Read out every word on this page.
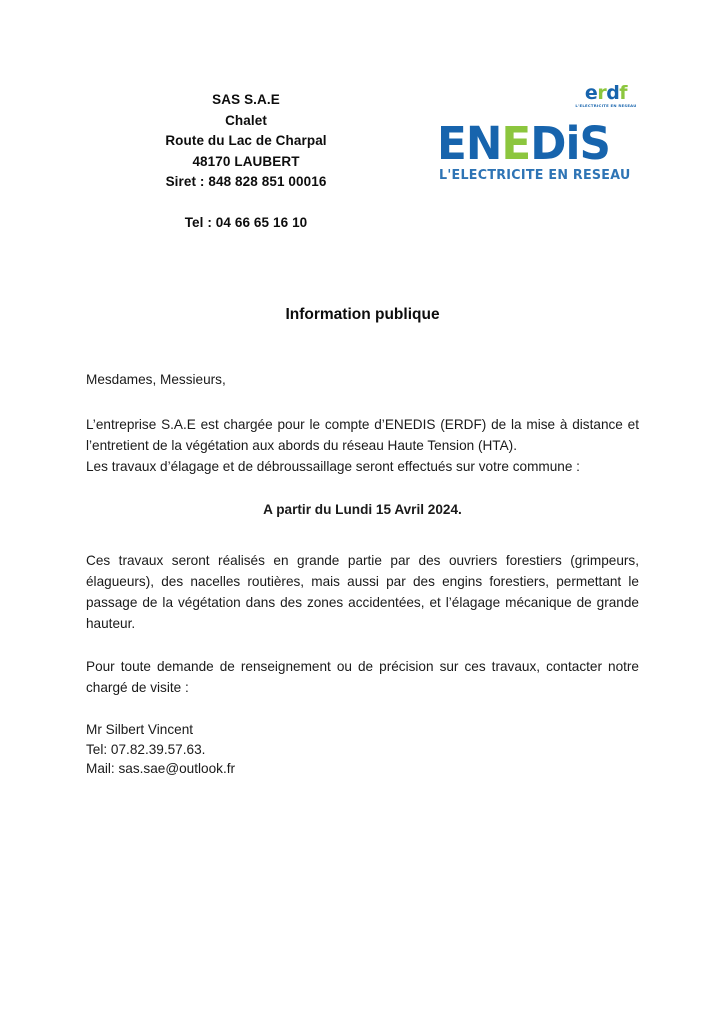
SAS S.A.E
Chalet
Route du Lac de Charpal
48170 LAUBERT
Siret : 848 828 851 00016
Tel : 04 66 65 16 10
erdf
L'ELECTRICITE EN RESEAU
ENEDiS
L'ELECTRICITE EN RESEAU
Information publique

Mesdames, Messieurs,

L’entreprise S.A.E est chargée pour le compte d’ENEDIS (ERDF) de la mise à distance et l’entretient de la végétation aux abords du réseau Haute Tension (HTA).

Les travaux d’élagage et de débroussaillage seront effectués sur votre commune :

A partir du Lundi 15 Avril 2024.

Ces travaux seront réalisés en grande partie par des ouvriers forestiers (grimpeurs, élagueurs), des nacelles routières, mais aussi par des engins forestiers, permettant le passage de la végétation dans des zones accidentées, et l’élagage mécanique de grande hauteur.

Pour toute demande de renseignement ou de précision sur ces travaux, contacter notre chargé de visite :

Mr Silbert Vincent
Tel: 07.82.39.57.63.
Mail: sas.sae@outlook.fr
